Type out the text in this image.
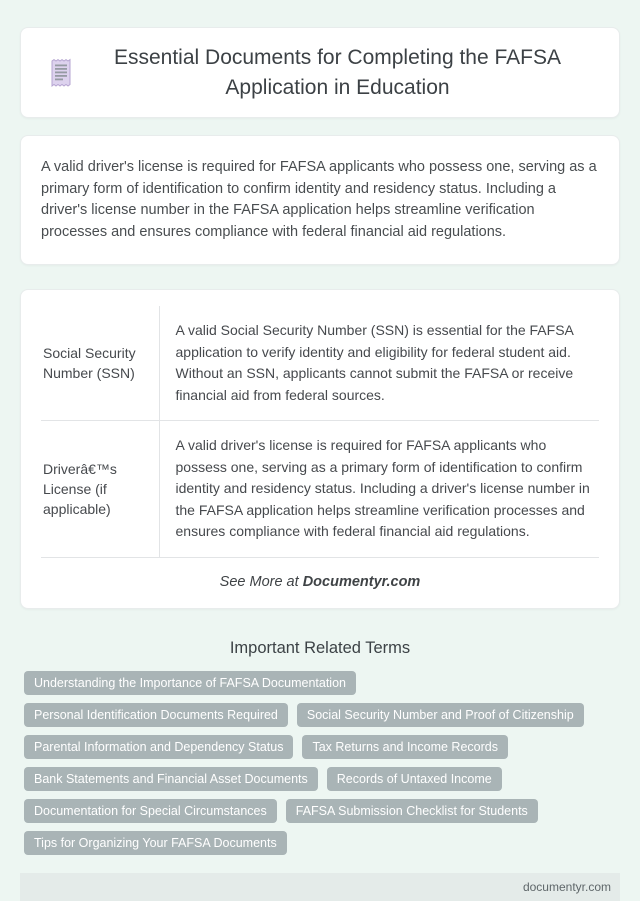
Essential Documents for Completing the FAFSA Application in Education

A valid driver's license is required for FAFSA applicants who possess one, serving as a primary form of identification to confirm identity and residency status. Including a driver's license number in the FAFSA application helps streamline verification processes and ensures compliance with federal financial aid regulations.

Social Security Number (SSN)	A valid Social Security Number (SSN) is essential for the FAFSA application to verify identity and eligibility for federal student aid. Without an SSN, applicants cannot submit the FAFSA or receive financial aid from federal sources.
Driverâ€™s License (if applicable)	A valid driver's license is required for FAFSA applicants who possess one, serving as a primary form of identification to confirm identity and residency status. Including a driver's license number in the FAFSA application helps streamline verification processes and ensures compliance with federal financial aid regulations.
See More at Documentyr.com
Important Related Terms
Understanding the Importance of FAFSA Documentation
Personal Identification Documents Required	Social Security Number and Proof of Citizenship
Parental Information and Dependency Status	Tax Returns and Income Records
Bank Statements and Financial Asset Documents	Records of Untaxed Income
Documentation for Special Circumstances	FAFSA Submission Checklist for Students
Tips for Organizing Your FAFSA Documents
documentyr.com
